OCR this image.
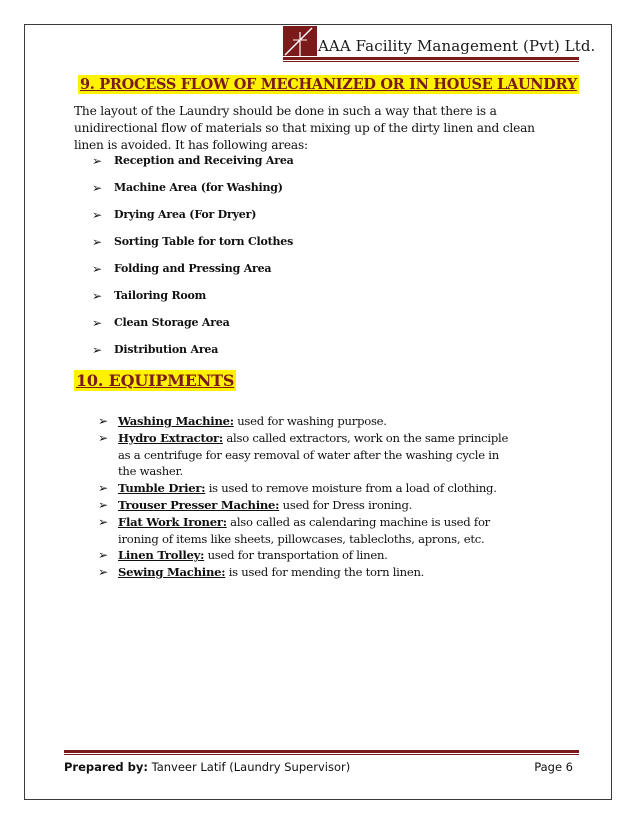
AAA Facility Management (Pvt) Ltd.
9. PROCESS FLOW OF MECHANIZED OR IN HOUSE LAUNDRY
The layout of the Laundry should be done in such a way that there is a unidirectional flow of materials so that mixing up of the dirty linen and clean linen is avoided. It has following areas:
➢	Reception and Receiving Area
➢	Machine Area (for Washing)
➢	Drying Area (For Dryer)
➢	Sorting Table for torn Clothes
➢	Folding and Pressing Area
➢	Tailoring Room
➢	Clean Storage Area
➢	Distribution Area
10. EQUIPMENTS
➢ Washing Machine: used for washing purpose.
➢ Hydro Extractor: also called extractors, work on the same principle as a centrifuge for easy removal of water after the washing cycle in the washer.
➢ Tumble Drier: is used to remove moisture from a load of clothing.
➢ Trouser Presser Machine: used for Dress ironing.
➢ Flat Work Ironer: also called as calendaring machine is used for ironing of items like sheets, pillowcases, tablecloths, aprons, etc.
➢ Linen Trolley: used for transportation of linen.
➢ Sewing Machine: is used for mending the torn linen.
Prepared by: Tanveer Latif (Laundry Supervisor)	Page 6
